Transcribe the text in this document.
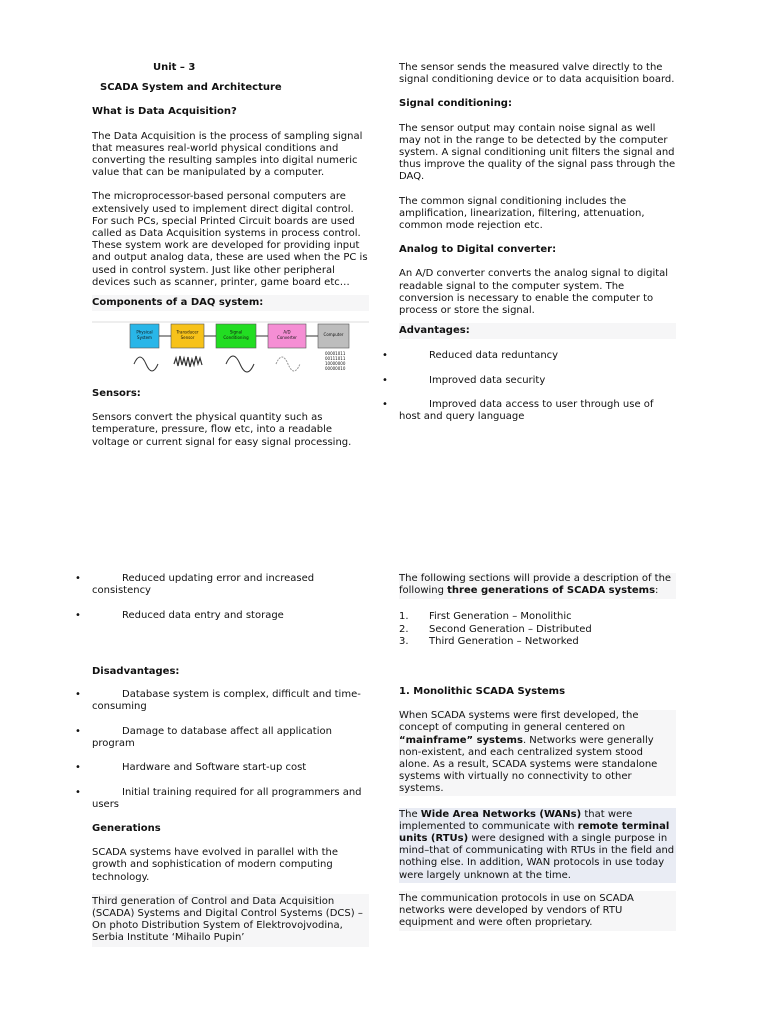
Unit – 3

SCADA System and Architecture

What is Data Acquisition?

The Data Acquisition is the process of sampling signal that measures real-world physical conditions and converting the resulting samples into digital numeric value that can be manipulated by a computer.

The microprocessor-based personal computers are extensively used to implement direct digital control. For such PCs, special Printed Circuit boards are used called as Data Acquisition systems in process control. These system work are developed for providing input and output analog data, these are used when the PC is used in control system. Just like other peripheral devices such as scanner, printer, game board etc…

Components of a DAQ system:

Physical
System
Transducer
Sensor
Signal
Conditioning
A/D
Converter
Computer
00001011
00111011
10000000
00000010

Sensors:

Sensors convert the physical quantity such as temperature, pressure, flow etc, into a readable voltage or current signal for easy signal processing.

The sensor sends the measured valve directly to the signal conditioning device or to data acquisition board.

Signal conditioning:

The sensor output may contain noise signal as well may not in the range to be detected by the computer system. A signal conditioning unit filters the signal and thus improve the quality of the signal pass through the DAQ.

The common signal conditioning includes the amplification, linearization, filtering, attenuation, common mode rejection etc.

Analog to Digital converter:

An A/D converter converts the analog signal to digital readable signal to the computer system. The conversion is necessary to enable the computer to process or store the signal.

Advantages:

•	Reduced data reduntancy

•	Improved data security

•	Improved data access to user through use of host and query language

•	Reduced updating error and increased consistency

•	Reduced data entry and storage

Disadvantages:

•	Database system is complex, difficult and time-consuming

•	Damage to database affect all application program

•	Hardware and Software start-up cost

•	Initial training required for all programmers and users

Generations

SCADA systems have evolved in parallel with the growth and sophistication of modern computing technology.

Third generation of Control and Data Acquisition (SCADA) Systems and Digital Control Systems (DCS) – On photo Distribution System of Elektrovojvodina, Serbia Institute ‘Mihailo Pupin’

The following sections will provide a description of the following three generations of SCADA systems:

1.	First Generation – Monolithic
2.	Second Generation – Distributed
3.	Third Generation – Networked

1. Monolithic SCADA Systems

When SCADA systems were first developed, the concept of computing in general centered on “mainframe” systems. Networks were generally non-existent, and each centralized system stood alone. As a result, SCADA systems were standalone systems with virtually no connectivity to other systems.

The Wide Area Networks (WANs) that were implemented to communicate with remote terminal units (RTUs) were designed with a single purpose in mind–that of communicating with RTUs in the field and nothing else. In addition, WAN protocols in use today were largely unknown at the time.

The communication protocols in use on SCADA networks were developed by vendors of RTU equipment and were often proprietary.
